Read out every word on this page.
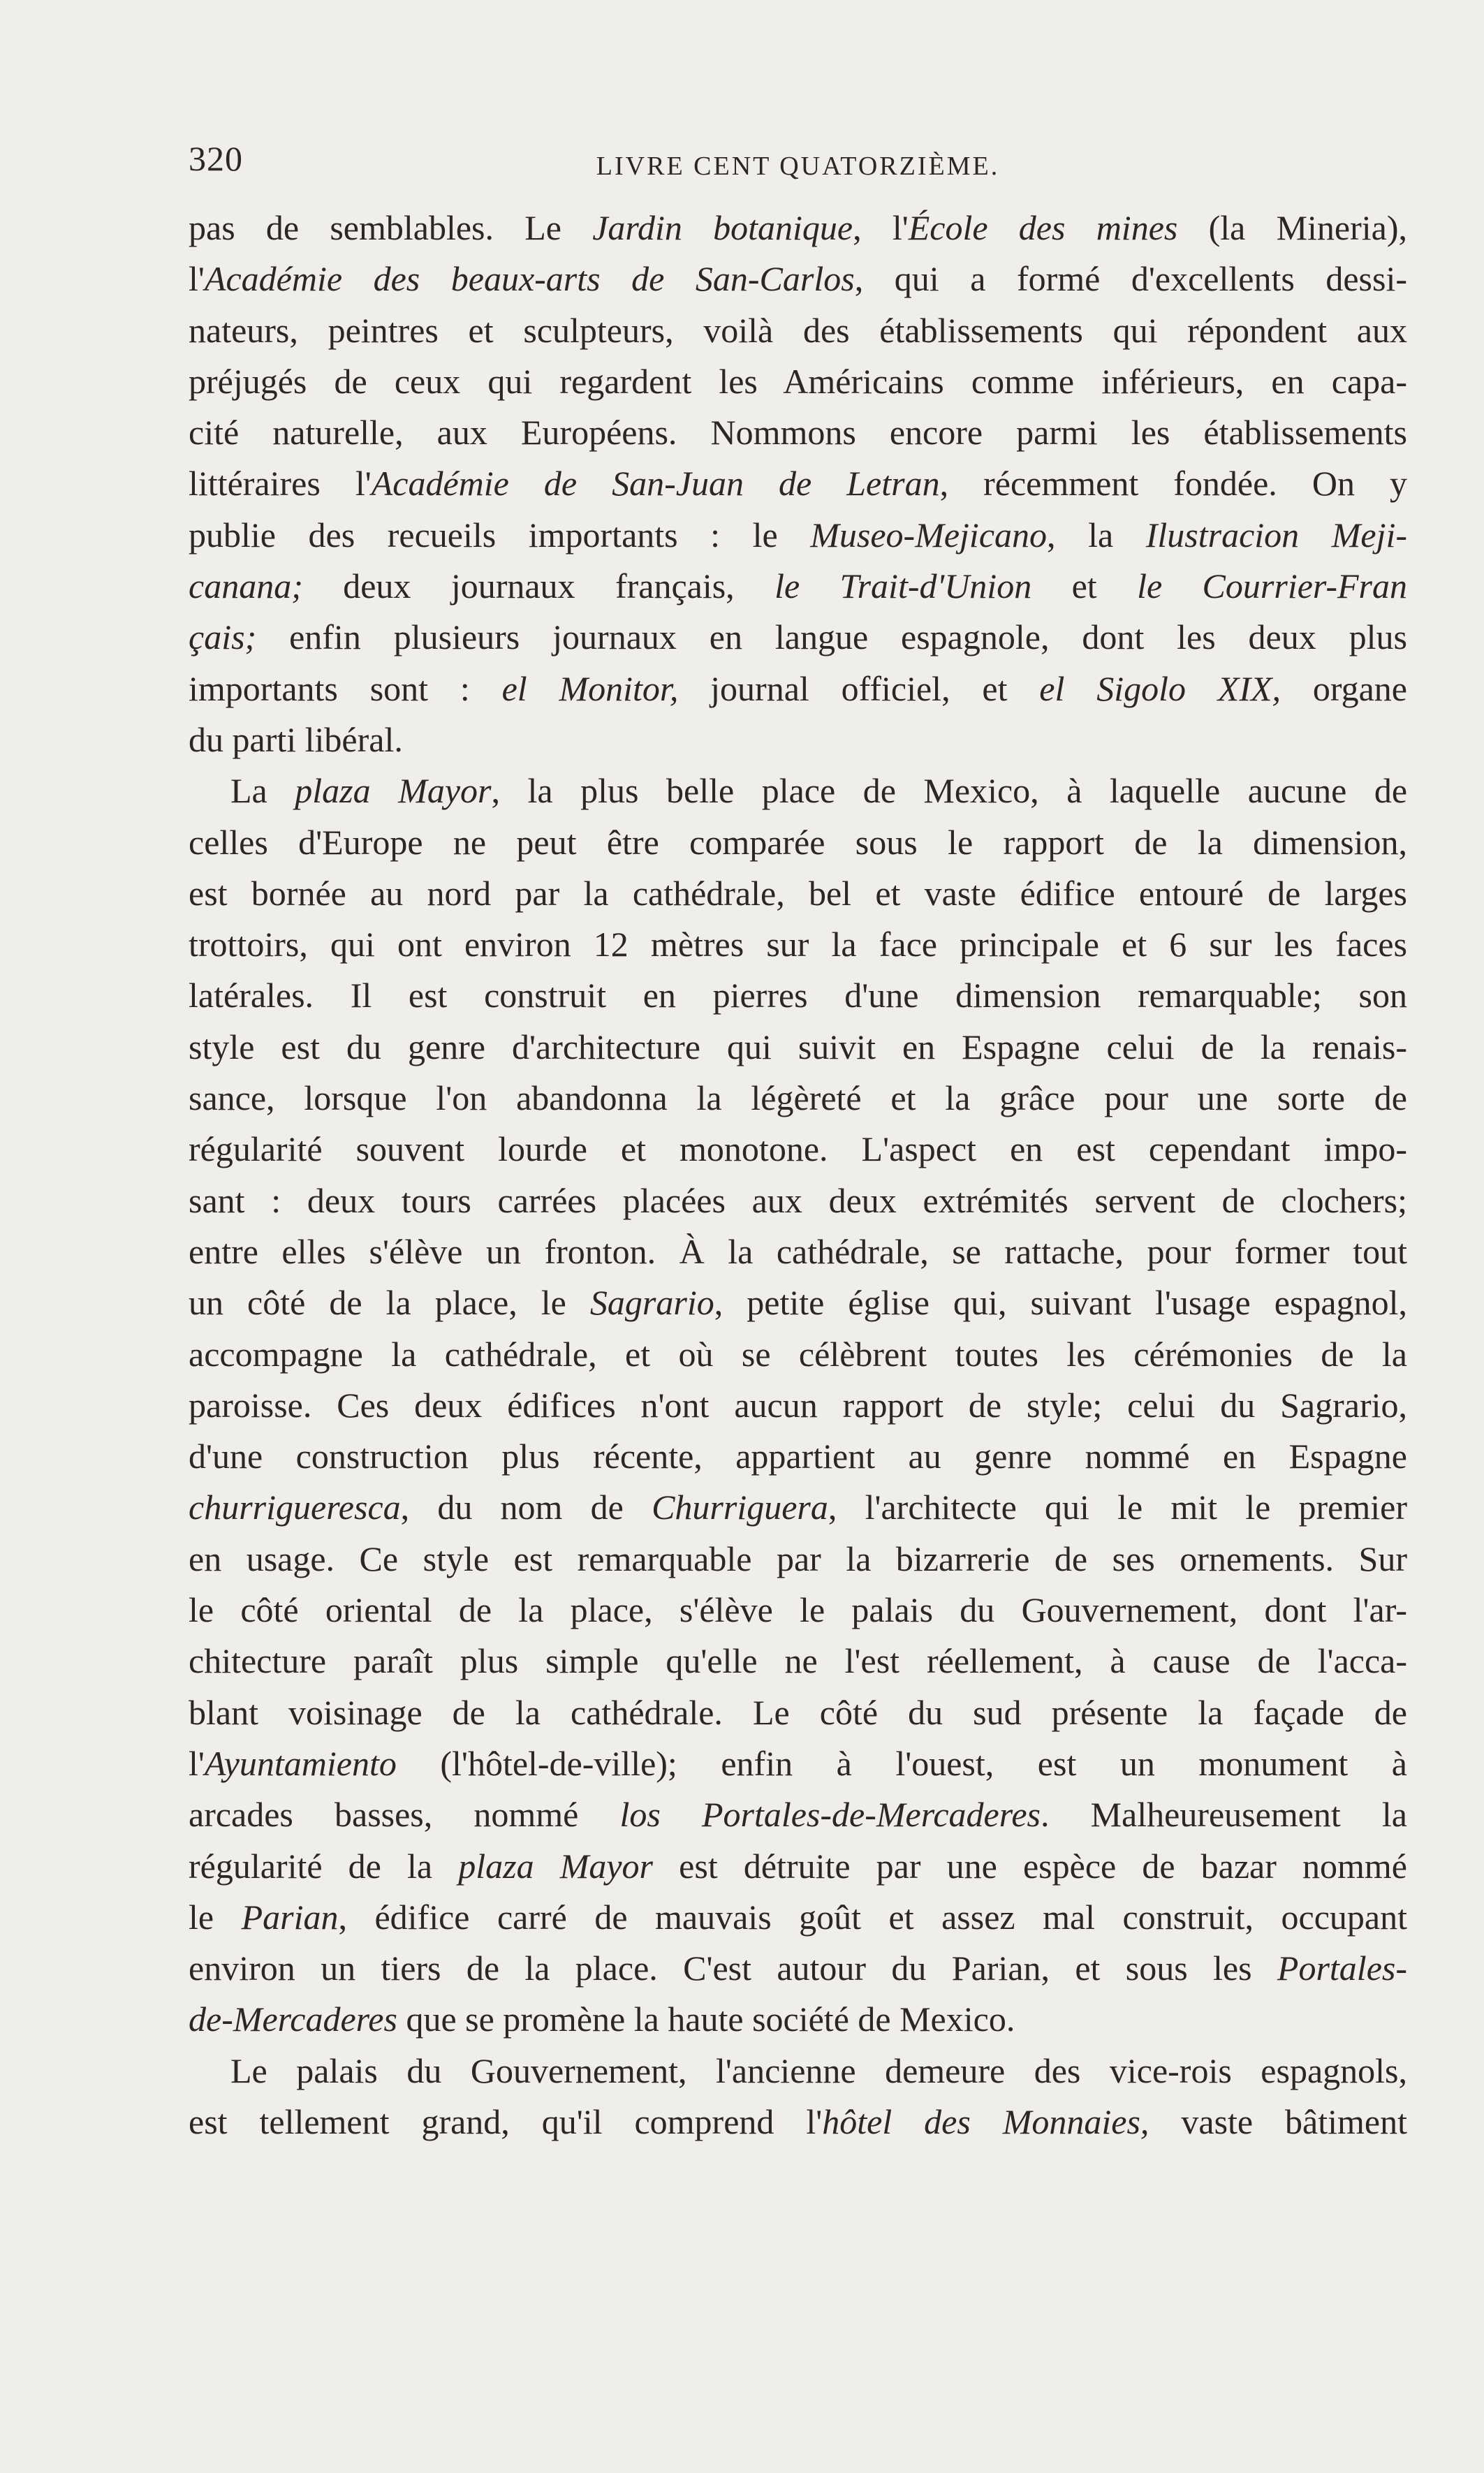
320	LIVRE CENT QUATORZIÈME.
pas de semblables. Le Jardin botanique, l'École des mines (la Mineria),
l'Académie des beaux-arts de San-Carlos, qui a formé d'excellents dessi-
nateurs, peintres et sculpteurs, voilà des établissements qui répondent aux
préjugés de ceux qui regardent les Américains comme inférieurs, en capa-
cité naturelle, aux Européens. Nommons encore parmi les établissements
littéraires l'Académie de San-Juan de Letran, récemment fondée. On y
publie des recueils importants : le Museo-Mejicano, la Ilustracion Meji-
canana; deux journaux français, le Trait-d'Union et le Courrier-Fran
çais; enfin plusieurs journaux en langue espagnole, dont les deux plus
importants sont : el Monitor, journal officiel, et el Sigolo XIX, organe
du parti libéral.
La plaza Mayor, la plus belle place de Mexico, à laquelle aucune de
celles d'Europe ne peut être comparée sous le rapport de la dimension,
est bornée au nord par la cathédrale, bel et vaste édifice entouré de larges
trottoirs, qui ont environ 12 mètres sur la face principale et 6 sur les faces
latérales. Il est construit en pierres d'une dimension remarquable; son
style est du genre d'architecture qui suivit en Espagne celui de la renais-
sance, lorsque l'on abandonna la légèreté et la grâce pour une sorte de
régularité souvent lourde et monotone. L'aspect en est cependant impo-
sant : deux tours carrées placées aux deux extrémités servent de clochers;
entre elles s'élève un fronton. À la cathédrale, se rattache, pour former tout
un côté de la place, le Sagrario, petite église qui, suivant l'usage espagnol,
accompagne la cathédrale, et où se célèbrent toutes les cérémonies de la
paroisse. Ces deux édifices n'ont aucun rapport de style; celui du Sagrario,
d'une construction plus récente, appartient au genre nommé en Espagne
churrigueresca, du nom de Churriguera, l'architecte qui le mit le premier
en usage. Ce style est remarquable par la bizarrerie de ses ornements. Sur
le côté oriental de la place, s'élève le palais du Gouvernement, dont l'ar-
chitecture paraît plus simple qu'elle ne l'est réellement, à cause de l'acca-
blant voisinage de la cathédrale. Le côté du sud présente la façade de
l'Ayuntamiento (l'hôtel-de-ville); enfin à l'ouest, est un monument à
arcades basses, nommé los Portales-de-Mercaderes. Malheureusement la
régularité de la plaza Mayor est détruite par une espèce de bazar nommé
le Parian, édifice carré de mauvais goût et assez mal construit, occupant
environ un tiers de la place. C'est autour du Parian, et sous les Portales-
de-Mercaderes que se promène la haute société de Mexico.
Le palais du Gouvernement, l'ancienne demeure des vice-rois espagnols,
est tellement grand, qu'il comprend l'hôtel des Monnaies, vaste bâtiment
